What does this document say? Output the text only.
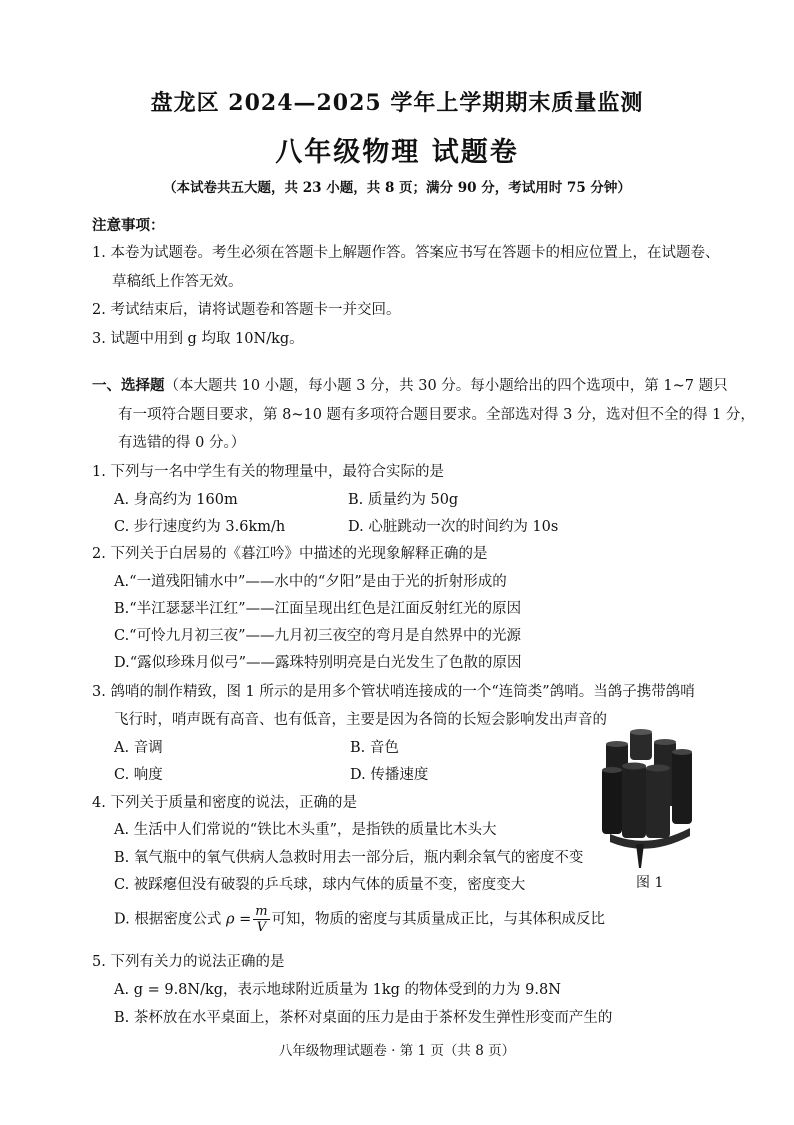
盘龙区 2024—2025 学年上学期期末质量监测
八年级物理 试题卷
（本试卷共五大题，共 23 小题，共 8 页；满分 90 分，考试用时 75 分钟）
注意事项：
1. 本卷为试题卷。考生必须在答题卡上解题作答。答案应书写在答题卡的相应位置上，在试题卷、
草稿纸上作答无效。
2. 考试结束后，请将试题卷和答题卡一并交回。
3. 试题中用到 g 均取 10N/kg。
一、选择题（本大题共 10 小题，每小题 3 分，共 30 分。每小题给出的四个选项中，第 1~7 题只
有一项符合题目要求，第 8~10 题有多项符合题目要求。全部选对得 3 分，选对但不全的得 1 分，
有选错的得 0 分。）
1. 下列与一名中学生有关的物理量中，最符合实际的是
A. 身高约为 160m	B. 质量约为 50g
C. 步行速度约为 3.6km/h	D. 心脏跳动一次的时间约为 10s
2. 下列关于白居易的《暮江吟》中描述的光现象解释正确的是
A.“一道残阳铺水中”——水中的“夕阳”是由于光的折射形成的
B.“半江瑟瑟半江红”——江面呈现出红色是江面反射红光的原因
C.“可怜九月初三夜”——九月初三夜空的弯月是自然界中的光源
D.“露似珍珠月似弓”——露珠特别明亮是白光发生了色散的原因
3. 鸽哨的制作精致，图 1 所示的是用多个管状哨连接成的一个“连筒类”鸽哨。当鸽子携带鸽哨
飞行时，哨声既有高音、也有低音，主要是因为各筒的长短会影响发出声音的
A. 音调	B. 音色
C. 响度	D. 传播速度
图 1
4. 下列关于质量和密度的说法，正确的是
A. 生活中人们常说的“铁比木头重”，是指铁的质量比木头大
B. 氧气瓶中的氧气供病人急救时用去一部分后，瓶内剩余氧气的密度不变
C. 被踩瘪但没有破裂的乒乓球，球内气体的质量不变，密度变大
D. 根据密度公式 $\rho = \frac{m}{V}$ 可知，物质的密度与其质量成正比，与其体积成反比
5. 下列有关力的说法正确的是
A. g = 9.8N/kg，表示地球附近质量为 1kg 的物体受到的力为 9.8N
B. 茶杯放在水平桌面上，茶杯对桌面的压力是由于茶杯发生弹性形变而产生的
八年级物理试题卷 · 第 1 页（共 8 页）
